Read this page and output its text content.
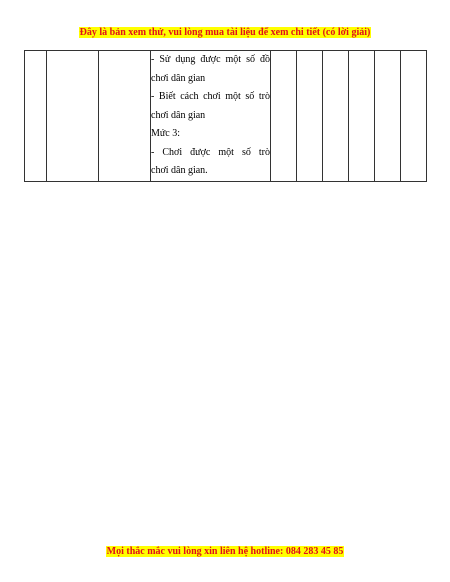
Đây là bản xem thử, vui lòng mua tài liệu để xem chi tiết (có lời giải)

- Sử dụng được một số đồ
chơi dân gian
- Biết cách chơi một số trò
chơi dân gian
Mức 3:
- Chơi được một số trò
chơi dân gian.

Mọi thắc mắc vui lòng xin liên hệ hotline: 084 283 45 85
